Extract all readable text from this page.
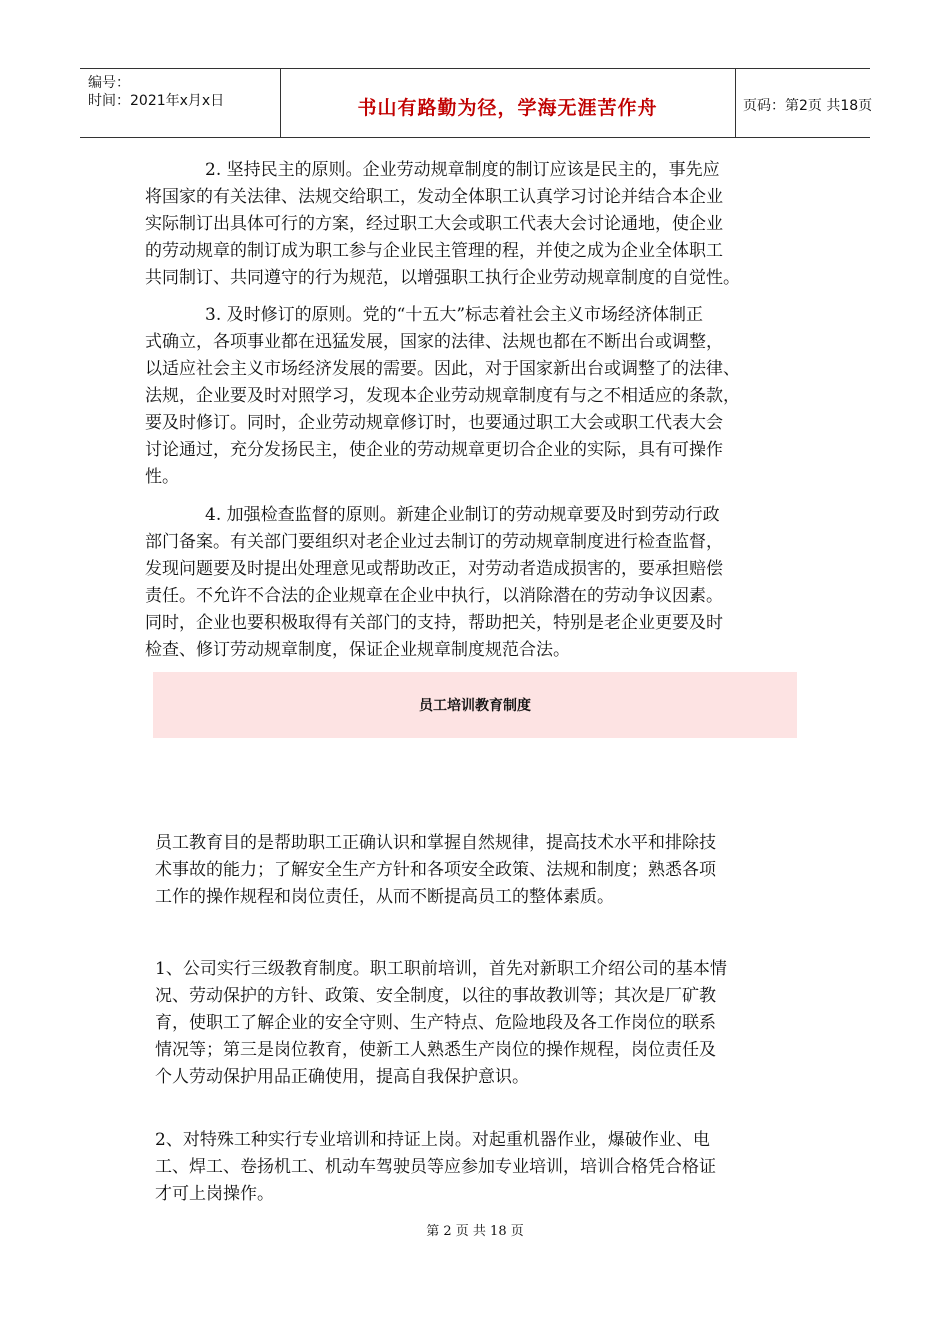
编号：
时间：2021年x月x日	书山有路勤为径，学海无涯苦作舟	页码：第2页 共18页
2. 坚持民主的原则。企业劳动规章制度的制订应该是民主的，事先应
将国家的有关法律、法规交给职工，发动全体职工认真学习讨论并结合本企业
实际制订出具体可行的方案，经过职工大会或职工代表大会讨论通地，使企业
的劳动规章的制订成为职工参与企业民主管理的程，并使之成为企业全体职工
共同制订、共同遵守的行为规范，以增强职工执行企业劳动规章制度的自觉性。
3. 及时修订的原则。党的“十五大”标志着社会主义市场经济体制正
式确立，各项事业都在迅猛发展，国家的法律、法规也都在不断出台或调整，
以适应社会主义市场经济发展的需要。因此，对于国家新出台或调整了的法律、
法规，企业要及时对照学习，发现本企业劳动规章制度有与之不相适应的条款，
要及时修订。同时，企业劳动规章修订时，也要通过职工大会或职工代表大会
讨论通过，充分发扬民主，使企业的劳动规章更切合企业的实际，具有可操作
性。
4. 加强检查监督的原则。新建企业制订的劳动规章要及时到劳动行政
部门备案。有关部门要组织对老企业过去制订的劳动规章制度进行检查监督，
发现问题要及时提出处理意见或帮助改正，对劳动者造成损害的，要承担赔偿
责任。不允许不合法的企业规章在企业中执行，以消除潜在的劳动争议因素。
同时，企业也要积极取得有关部门的支持，帮助把关，特别是老企业更要及时
检查、修订劳动规章制度，保证企业规章制度规范合法。
员工培训教育制度
员工教育目的是帮助职工正确认识和掌握自然规律，提高技术水平和排除技
术事故的能力；了解安全生产方针和各项安全政策、法规和制度；熟悉各项
工作的操作规程和岗位责任，从而不断提高员工的整体素质。
1、公司实行三级教育制度。职工职前培训，首先对新职工介绍公司的基本情
况、劳动保护的方针、政策、安全制度，以往的事故教训等；其次是厂矿教
育，使职工了解企业的安全守则、生产特点、危险地段及各工作岗位的联系
情况等；第三是岗位教育，使新工人熟悉生产岗位的操作规程，岗位责任及
个人劳动保护用品正确使用，提高自我保护意识。
2、对特殊工种实行专业培训和持证上岗。对起重机器作业，爆破作业、电
工、焊工、卷扬机工、机动车驾驶员等应参加专业培训，培训合格凭合格证
才可上岗操作。
第 2 页 共 18 页
